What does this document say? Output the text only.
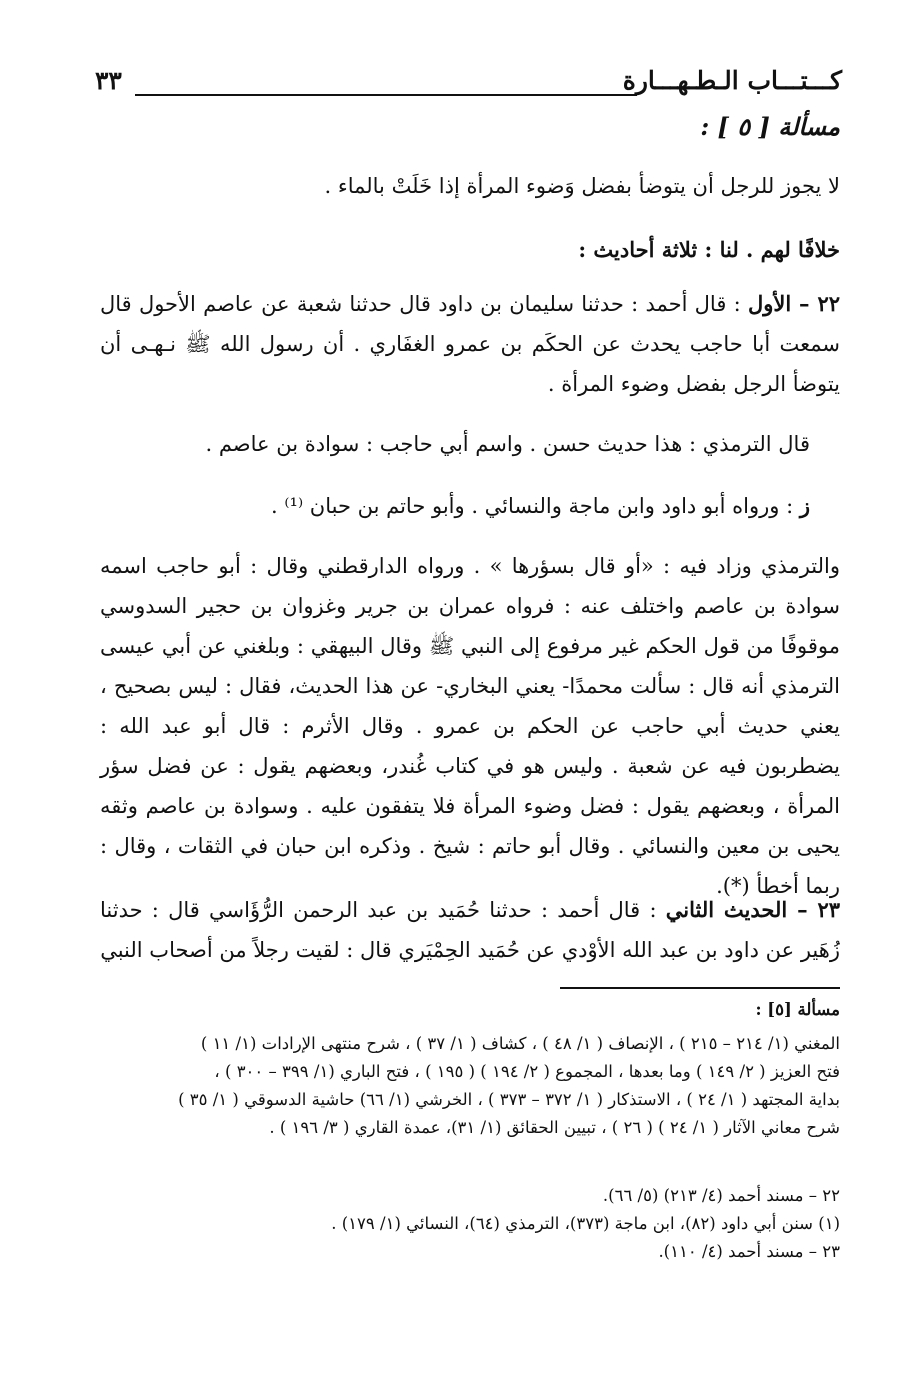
كـــتـــاب الـطـهـــارة
٣٣
مسألة [ ٥ ] :
لا يجوز للرجل أن يتوضأ بفضل وَضوء المرأة إذا خَلَتْ بالماء .
خلافًا لهم . لنا : ثلاثة أحاديث :
٢٢ – الأول : قال أحمد : حدثنا سليمان بن داود قال حدثنا شعبة عن عاصم الأحول قال سمعت أبا حاجب يحدث عن الحكَم بن عمرو الغفَاري . أن رسول الله ﷺ نـهـى أن يتوضأ الرجل بفضل وضوء المرأة .
قال الترمذي : هذا حديث حسن . واسم أبي حاجب : سوادة بن عاصم .
ز : ورواه أبو داود وابن ماجة والنسائي . وأبو حاتم بن حبان ⁽¹⁾ .
والترمذي وزاد فيه : «أو قال بسؤرها » . ورواه الدارقطني وقال : أبو حاجب اسمه سوادة بن عاصم واختلف عنه : فرواه عمران بن جرير وغزوان بن حجير السدوسي موقوفًا من قول الحكم غير مرفوع إلى النبي ﷺ وقال البيهقي : وبلغني عن أبي عيسى الترمذي أنه قال : سألت محمدًا- يعني البخاري- عن هذا الحديث، فقال : ليس بصحيح ، يعني حديث أبي حاجب عن الحكم بن عمرو . وقال الأثرم : قال أبو عبد الله : يضطربون فيه عن شعبة . وليس هو في كتاب غُندر، وبعضهم يقول : عن فضل سؤر المرأة ، وبعضهم يقول : فضل وضوء المرأة فلا يتفقون عليه . وسوادة بن عاصم وثقه يحيى بن معين والنسائي . وقال أبو حاتم : شيخ . وذكره ابن حبان في الثقات ، وقال : ربما أخطأ (*).
٢٣ – الحديث الثاني : قال أحمد : حدثنا حُمَيد بن عبد الرحمن الرُّؤَاسي قال : حدثنا زُهَير عن داود بن عبد الله الأوْدي عن حُمَيد الحِمْيَري قال : لقيت رجلاً من أصحاب النبي
مسألة [٥] :
المغني (١/ ٢١٤ – ٢١٥ ) ، الإنصاف ( ١/ ٤٨ ) ، كشاف ( ١/ ٣٧ ) ، شرح منتهى الإرادات (١/ ١١ )
فتح العزيز ( ٢/ ١٤٩ ) وما بعدها ، المجموع ( ٢/ ١٩٤ ) ( ١٩٥ ) ، فتح الباري (١/ ٣٩٩ – ٣٠٠ ) ،
بداية المجتهد ( ١/ ٢٤ ) ، الاستذكار ( ١/ ٣٧٢ – ٣٧٣ ) ، الخرشي (١/ ٦٦) حاشية الدسوقي ( ١/ ٣٥ )
شرح معاني الآثار ( ١/ ٢٤ ) ( ٢٦ ) ، تبيين الحقائق (١/ ٣١)، عمدة القاري ( ٣/ ١٩٦ ) .
٢٢ – مسند أحمد (٤/ ٢١٣) (٥/ ٦٦).
(١) سنن أبي داود (٨٢)، ابن ماجة (٣٧٣)، الترمذي (٦٤)، النسائي (١/ ١٧٩) .
٢٣ – مسند أحمد (٤/ ١١٠).
